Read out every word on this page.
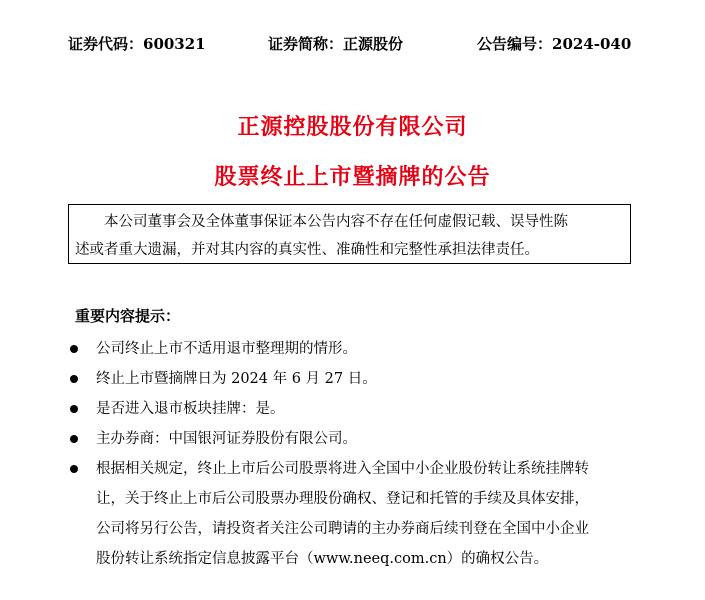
证券代码：600321	证券简称：正源股份	公告编号：2024-040
正源控股股份有限公司
股票终止上市暨摘牌的公告
本公司董事会及全体董事保证本公告内容不存在任何虚假记载、误导性陈
述或者重大遗漏，并对其内容的真实性、准确性和完整性承担法律责任。
重要内容提示：
公司终止上市不适用退市整理期的情形。
终止上市暨摘牌日为 2024 年 6 月 27 日。
是否进入退市板块挂牌：是。
主办券商：中国银河证券股份有限公司。
根据相关规定，终止上市后公司股票将进入全国中小企业股份转让系统挂牌转
让，关于终止上市后公司股票办理股份确权、登记和托管的手续及具体安排，
公司将另行公告，请投资者关注公司聘请的主办券商后续刊登在全国中小企业
股份转让系统指定信息披露平台（www.neeq.com.cn）的确权公告。
